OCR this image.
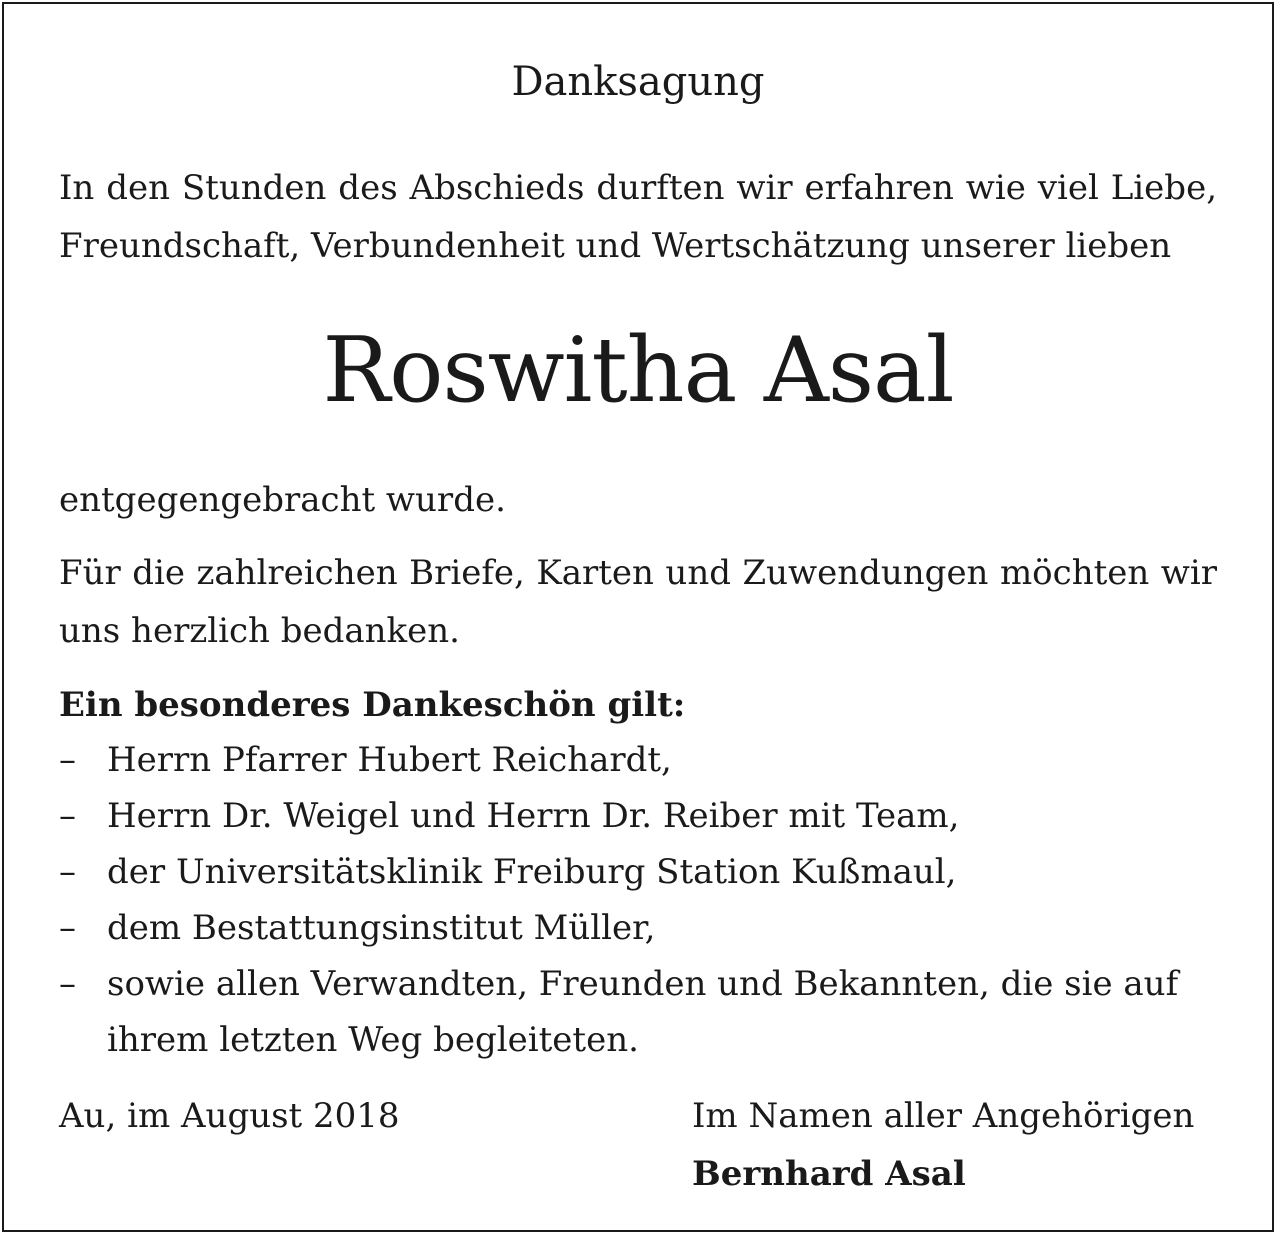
Danksagung
In den Stunden des Abschieds durften wir erfahren wie viel Liebe, Freundschaft, Verbundenheit und Wertschätzung unserer lieben
Roswitha Asal
entgegengebracht wurde.
Für die zahlreichen Briefe, Karten und Zuwendungen möchten wir uns herzlich bedanken.
Ein besonderes Dankeschön gilt:
– Herrn Pfarrer Hubert Reichardt,
– Herrn Dr. Weigel und Herrn Dr. Reiber mit Team,
– der Universitätsklinik Freiburg Station Kußmaul,
– dem Bestattungsinstitut Müller,
– sowie allen Verwandten, Freunden und Bekannten, die sie auf ihrem letzten Weg begleiteten.
Au, im August 2018	Im Namen aller Angehörigen
Bernhard Asal
